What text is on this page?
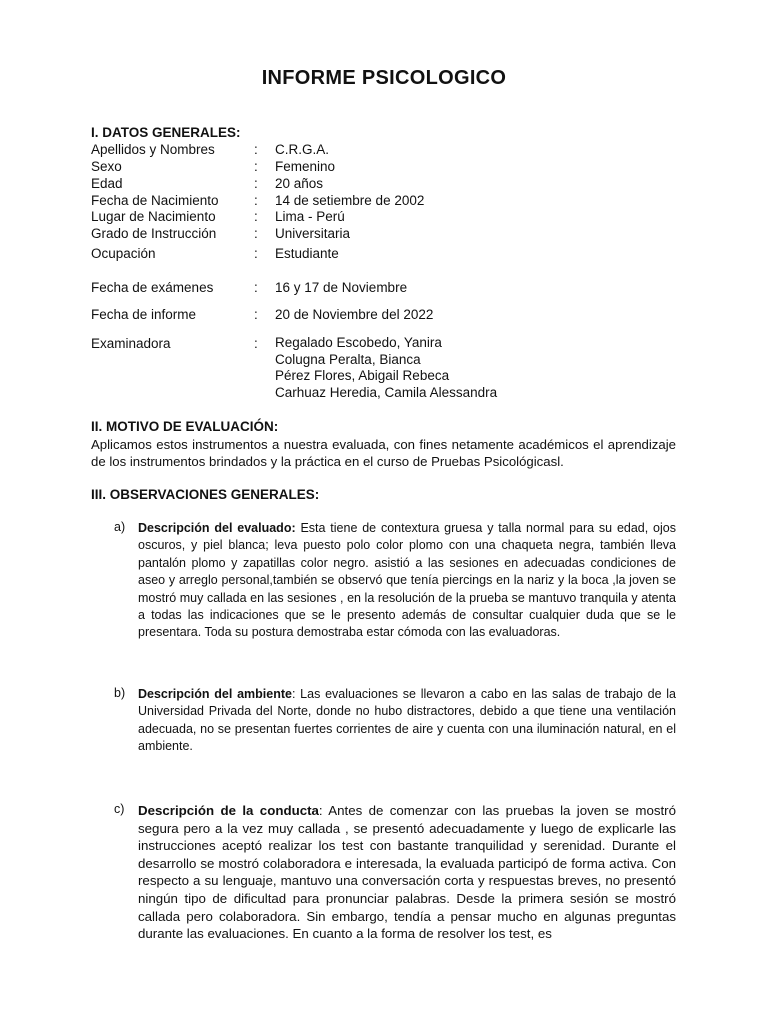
INFORME PSICOLOGICO
I. DATOS GENERALES:
Apellidos y Nombres	: C.R.G.A.
Sexo	: Femenino
Edad	: 20 años
Fecha de Nacimiento	: 14 de setiembre de 2002
Lugar de Nacimiento	: Lima - Perú
Grado de Instrucción	: Universitaria
Ocupación	: Estudiante
Fecha de exámenes	: 16 y 17 de Noviembre
Fecha de informe	: 20 de Noviembre del 2022
Examinadora	: Regalado Escobedo, Yanira
Colugna Peralta, Bianca
Pérez Flores, Abigail Rebeca
Carhuaz Heredia, Camila Alessandra
II. MOTIVO DE EVALUACIÓN:
Aplicamos estos instrumentos a nuestra evaluada, con fines netamente académicos el aprendizaje de los instrumentos brindados y la práctica en el curso de Pruebas Psicológicasl.
III. OBSERVACIONES GENERALES:
a) Descripción del evaluado: Esta tiene de contextura gruesa y talla normal para su edad, ojos oscuros, y piel blanca; leva puesto polo color plomo con una chaqueta negra, también lleva pantalón plomo y zapatillas color negro. asistió a las sesiones en adecuadas condiciones de aseo y arreglo personal,también se observó que tenía piercings en la nariz y la boca ,la joven se mostró muy callada en las sesiones , en la resolución de la prueba se mantuvo tranquila y atenta a todas las indicaciones que se le presento además de consultar cualquier duda que se le presentara. Toda su postura demostraba estar cómoda con las evaluadoras.
b) Descripción del ambiente: Las evaluaciones se llevaron a cabo en las salas de trabajo de la Universidad Privada del Norte, donde no hubo distractores, debido a que tiene una ventilación adecuada, no se presentan fuertes corrientes de aire y cuenta con una iluminación natural, en el ambiente.
c) Descripción de la conducta: Antes de comenzar con las pruebas la joven se mostró segura pero a la vez muy callada , se presentó adecuadamente y luego de explicarle las instrucciones aceptó realizar los test con bastante tranquilidad y serenidad. Durante el desarrollo se mostró colaboradora e interesada, la evaluada participó de forma activa. Con respecto a su lenguaje, mantuvo una conversación corta y respuestas breves, no presentó ningún tipo de dificultad para pronunciar palabras. Desde la primera sesión se mostró callada pero colaboradora. Sin embargo, tendía a pensar mucho en algunas preguntas durante las evaluaciones. En cuanto a la forma de resolver los test, es
